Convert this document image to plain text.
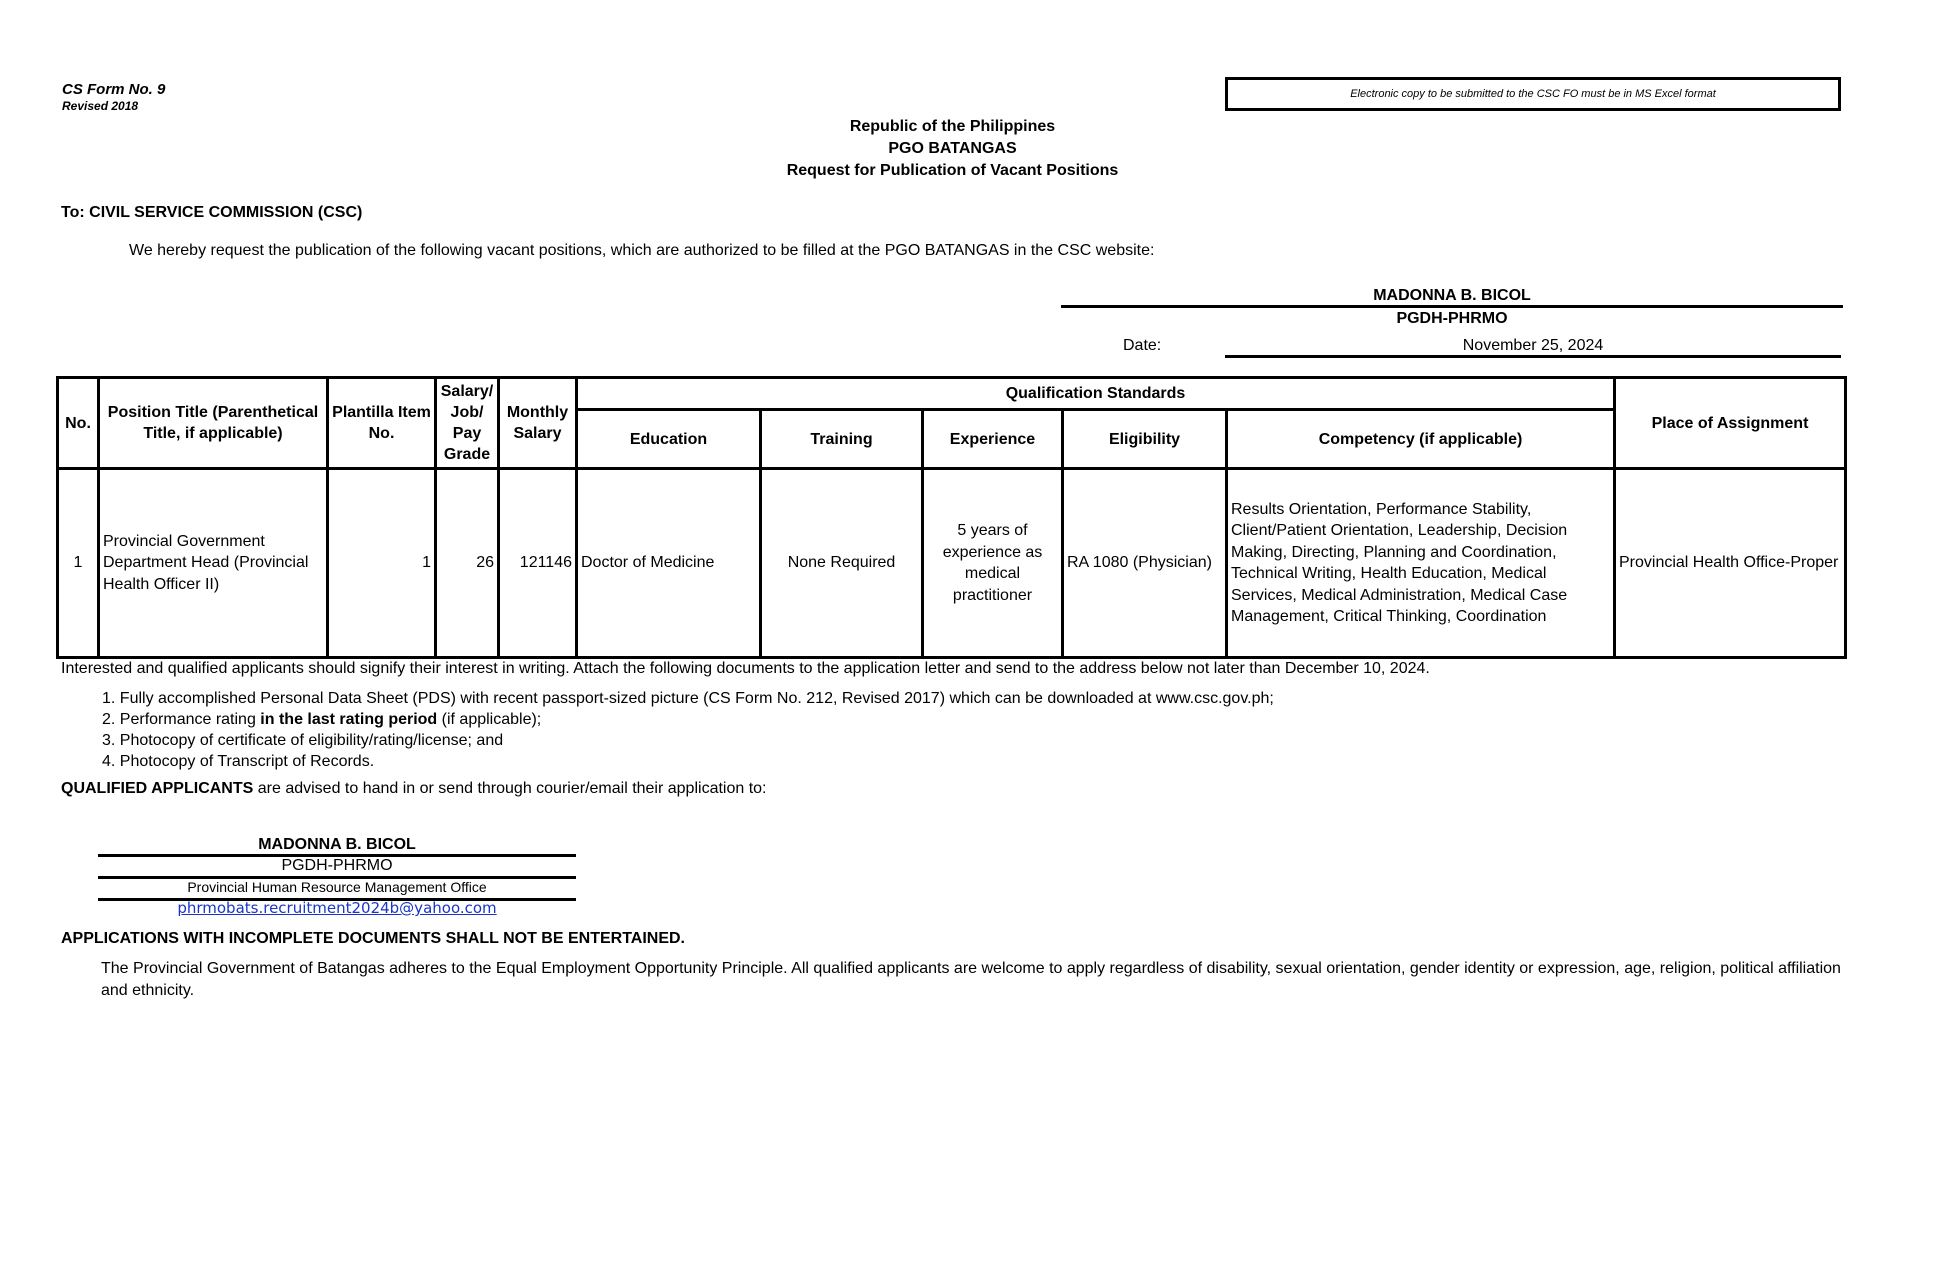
CS Form No. 9
Revised 2018
Electronic copy to be submitted to the CSC FO must be in MS Excel format
Republic of the Philippines
PGO BATANGAS
Request for Publication of Vacant Positions
To: CIVIL SERVICE COMMISSION (CSC)
We hereby request the publication of the following vacant positions, which are authorized to be filled at the PGO BATANGAS in the CSC website:
MADONNA B. BICOL
PGDH-PHRMO
Date:	November 25, 2024
No.	Position Title (Parenthetical Title, if applicable)	Plantilla Item No.	Salary/ Job/ Pay Grade	Monthly Salary	Qualification Standards					Place of Assignment
					Education	Training	Experience	Eligibility	Competency (if applicable)	
1	Provincial Government Department Head (Provincial Health Officer II)	1	26	121146	Doctor of Medicine	None Required	5 years of experience as medical practitioner	RA 1080 (Physician)	Results Orientation, Performance Stability, Client/Patient Orientation, Leadership, Decision Making, Directing, Planning and Coordination, Technical Writing, Health Education, Medical Services, Medical Administration, Medical Case Management, Critical Thinking, Coordination	Provincial Health Office-Proper
Interested and qualified applicants should signify their interest in writing. Attach the following documents to the application letter and send to the address below not later than December 10, 2024.
1. Fully accomplished Personal Data Sheet (PDS) with recent passport-sized picture (CS Form No. 212, Revised 2017) which can be downloaded at www.csc.gov.ph;
2. Performance rating in the last rating period (if applicable);
3. Photocopy of certificate of eligibility/rating/license; and
4. Photocopy of Transcript of Records.
QUALIFIED APPLICANTS are advised to hand in or send through courier/email their application to:
MADONNA B. BICOL
PGDH-PHRMO
Provincial Human Resource Management Office
phrmobats.recruitment2024b@yahoo.com
APPLICATIONS WITH INCOMPLETE DOCUMENTS SHALL NOT BE ENTERTAINED.
The Provincial Government of Batangas adheres to the Equal Employment Opportunity Principle. All qualified applicants are welcome to apply regardless of disability, sexual orientation, gender identity or expression, age, religion, political affiliation and ethnicity.
